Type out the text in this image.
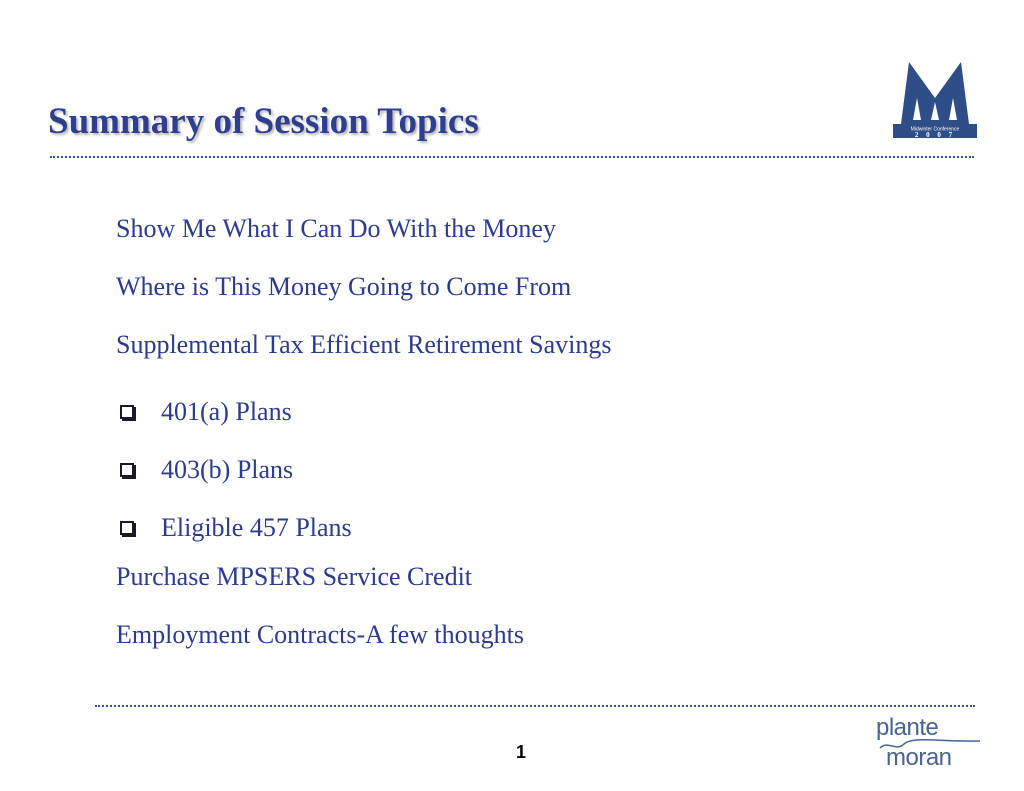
Summary of Session Topics	Midwinter Conference
2 0 0 7
Show Me What I Can Do With the Money
Where is This Money Going to Come From
Supplemental Tax Efficient Retirement Savings
401(a) Plans
403(b) Plans
Eligible 457 Plans
Purchase MPSERS Service Credit
Employment Contracts-A few thoughts
1
plante
moran
